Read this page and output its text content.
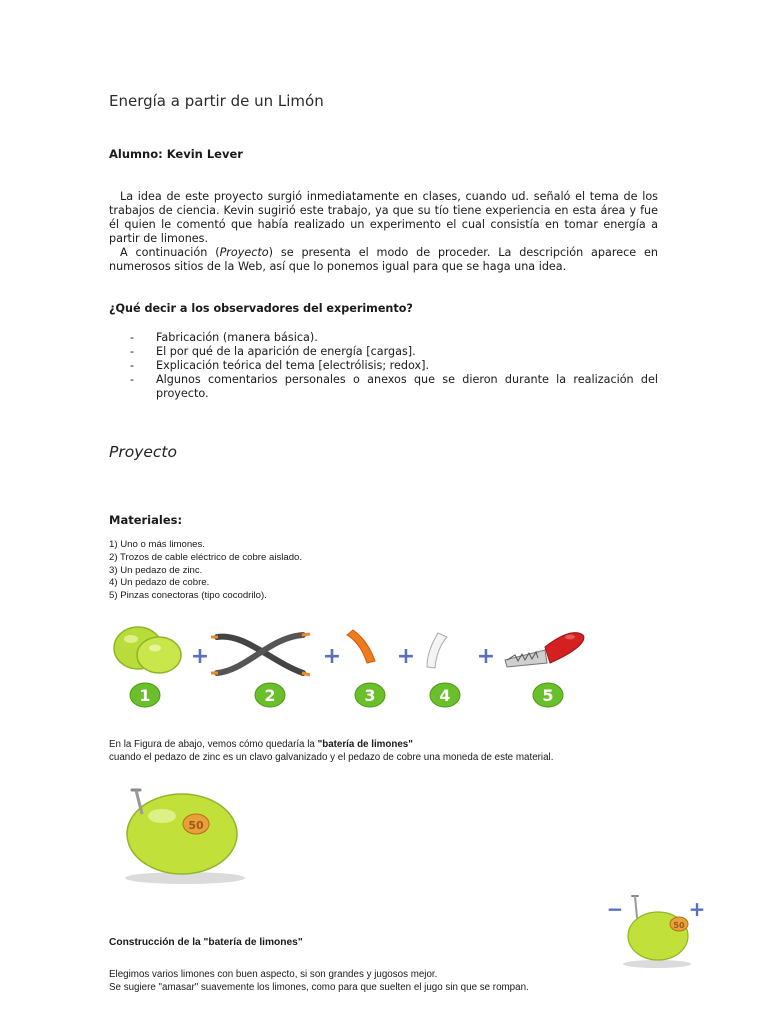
Energía a partir de un Limón
Alumno: Kevin Lever
La idea de este proyecto surgió inmediatamente en clases, cuando ud. señaló el tema de los trabajos de ciencia. Kevin sugirió este trabajo, ya que su tío tiene experiencia en esta área y fue él quien le comentó que había realizado un experimento el cual consistía en tomar energía a partir de limones.
A continuación (Proyecto) se presenta el modo de proceder. La descripción aparece en numerosos sitios de la Web, así que lo ponemos igual para que se haga una idea.
¿Qué decir a los observadores del experimento?
- Fabricación (manera básica).
- El por qué de la aparición de energía [cargas].
- Explicación teórica del tema [electrólisis; redox].
- Algunos comentarios personales o anexos que se dieron durante la realización del proyecto.
Proyecto
Materiales:
1) Uno o más limones.
2) Trozos de cable eléctrico de cobre aislado.
3) Un pedazo de zinc.
4) Un pedazo de cobre.
5) Pinzas conectoras (tipo cocodrilo).
+	+	+	+
1	2	3	4	5
En la Figura de abajo, vemos cómo quedaría la "batería de limones"
cuando el pedazo de zinc es un clavo galvanizado y el pedazo de cobre una moneda de este material.
50
Construcción de la "batería de limones"
Elegimos varios limones con buen aspecto, si son grandes y jugosos mejor.
Se sugiere "amasar" suavemente los limones, como para que suelten el jugo sin que se rompan.
−	+
50
